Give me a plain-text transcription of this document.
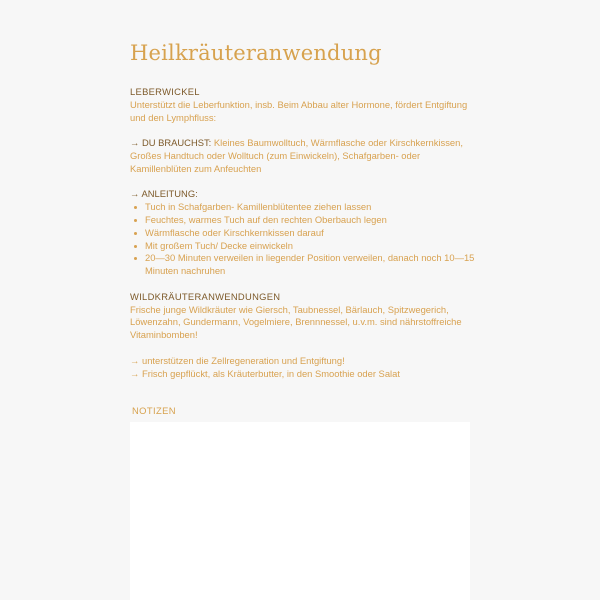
Heilkräuteranwendung
LEBERWICKEL
Unterstützt die Leberfunktion, insb. Beim Abbau alter Hormone, fördert Entgiftung und den Lymphfluss:
→ DU BRAUCHST: Kleines Baumwolltuch, Wärmflasche oder Kirschkernkissen, Großes Handtuch oder Wolltuch (zum Einwickeln), Schafgarben- oder Kamillenblüten zum Anfeuchten
→ ANLEITUNG:
Tuch in Schafgarben- Kamillenblütentee ziehen lassen
Feuchtes, warmes Tuch auf den rechten Oberbauch legen
Wärmflasche oder Kirschkernkissen darauf
Mit großem Tuch/ Decke einwickeln
20—30 Minuten verweilen in liegender Position verweilen, danach noch 10—15 Minuten nachruhen
WILDKRÄUTERANWENDUNGEN
Frische junge Wildkräuter wie Giersch, Taubnessel, Bärlauch, Spitzwegerich, Löwenzahn, Gundermann, Vogelmiere, Brennnessel, u.v.m. sind nährstoffreiche Vitaminbomben!
→ unterstützen die Zellregeneration und Entgiftung!
→ Frisch gepflückt, als Kräuterbutter, in den Smoothie oder Salat
NOTIZEN
